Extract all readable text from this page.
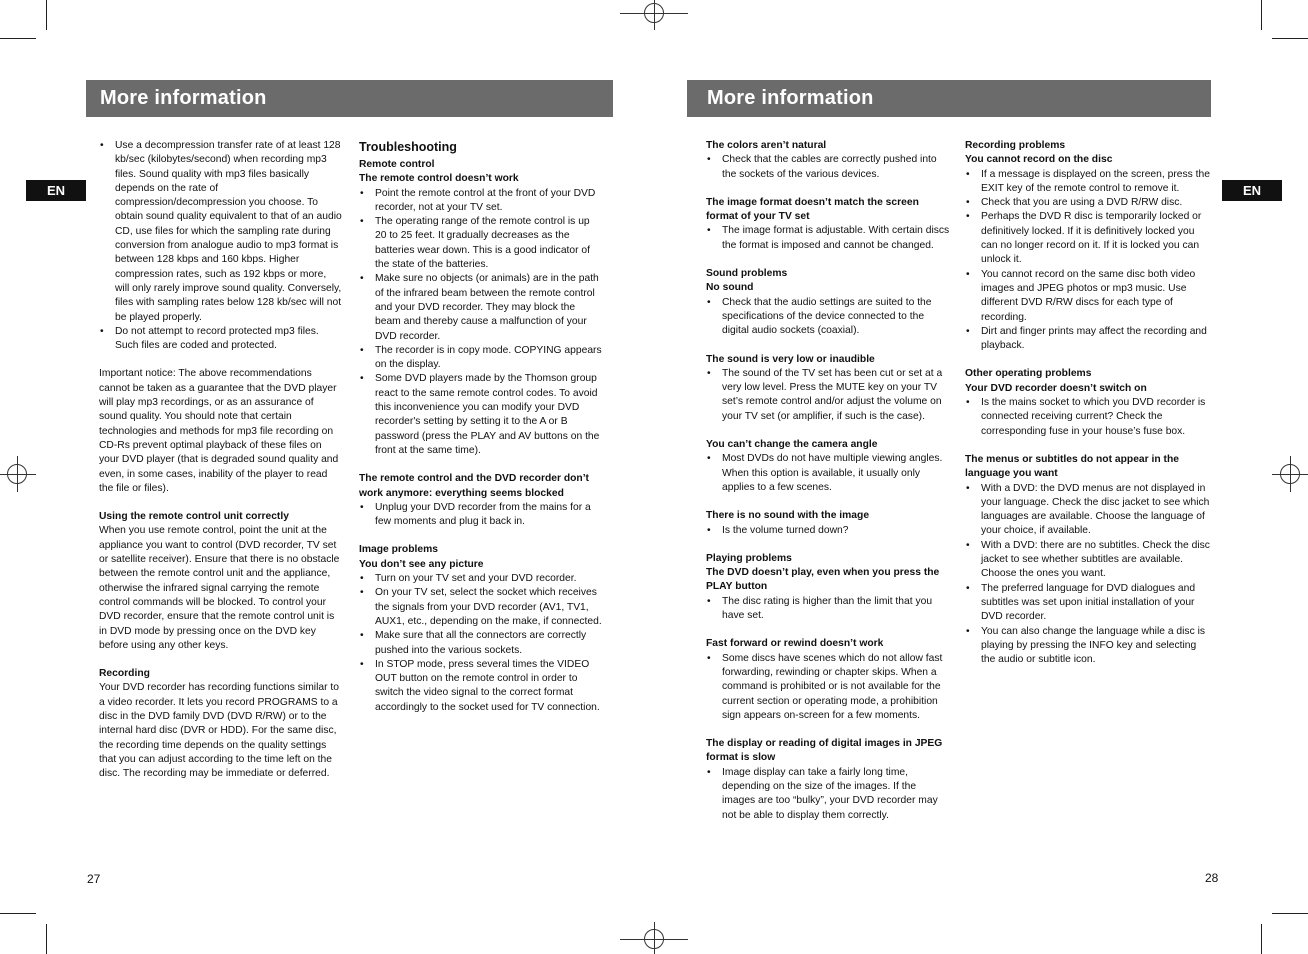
More information
EN
• Use a decompression transfer rate of at least 128 kb/sec (kilobytes/second) when recording mp3 files. Sound quality with mp3 files basically depends on the rate of compression/decompression you choose. To obtain sound quality equivalent to that of an audio CD, use files for which the sampling rate during conversion from analogue audio to mp3 format is between 128 kbps and 160 kbps. Higher compression rates, such as 192 kbps or more, will only rarely improve sound quality. Conversely, files with sampling rates below 128 kb/sec will not be played properly.
• Do not attempt to record protected mp3 files. Such files are coded and protected.

Important notice: The above recommendations cannot be taken as a guarantee that the DVD player will play mp3 recordings, or as an assurance of sound quality. You should note that certain technologies and methods for mp3 file recording on CD-Rs prevent optimal playback of these files on your DVD player (that is degraded sound quality and even, in some cases, inability of the player to read the file or files).

Using the remote control unit correctly

When you use remote control, point the unit at the appliance you want to control (DVD recorder, TV set or satellite receiver). Ensure that there is no obstacle between the remote control unit and the appliance, otherwise the infrared signal carrying the remote control commands will be blocked. To control your DVD recorder, ensure that the remote control unit is in DVD mode by pressing once on the DVD key before using any other keys.

Recording

Your DVD recorder has recording functions similar to a video recorder. It lets you record PROGRAMS to a disc in the DVD family DVD (DVD R/RW) or to the internal hard disc (DVR or HDD). For the same disc, the recording time depends on the quality settings that you can adjust according to the time left on the disc. The recording may be immediate or deferred.

Troubleshooting

Remote control

The remote control doesn’t work

• Point the remote control at the front of your DVD recorder, not at your TV set.
• The operating range of the remote control is up 20 to 25 feet. It gradually decreases as the batteries wear down. This is a good indicator of the state of the batteries.
• Make sure no objects (or animals) are in the path of the infrared beam between the remote control and your DVD recorder. They may block the beam and thereby cause a malfunction of your DVD recorder.
• The recorder is in copy mode. COPYING appears on the display.
• Some DVD players made by the Thomson group react to the same remote control codes. To avoid this inconvenience you can modify your DVD recorder's setting by setting it to the A or B password (press the PLAY and AV buttons on the front at the same time).

The remote control and the DVD recorder don’t work anymore: everything seems blocked

• Unplug your DVD recorder from the mains for a few moments and plug it back in.

Image problems

You don’t see any picture

• Turn on your TV set and your DVD recorder.
• On your TV set, select the socket which receives the signals from your DVD recorder (AV1, TV1, AUX1, etc., depending on the make, if connected.
• Make sure that all the connectors are correctly pushed into the various sockets.
• In STOP mode, press several times the VIDEO OUT button on the remote control in order to switch the video signal to the correct format accordingly to the socket used for TV connection.
27
More information
EN

The colors aren’t natural

• Check that the cables are correctly pushed into the sockets of the various devices.

The image format doesn’t match the screen format of your TV set

• The image format is adjustable. With certain discs the format is imposed and cannot be changed.

Sound problems

No sound

• Check that the audio settings are suited to the specifications of the device connected to the digital audio sockets (coaxial).

The sound is very low or inaudible

• The sound of the TV set has been cut or set at a very low level. Press the MUTE key on your TV set’s remote control and/or adjust the volume on your TV set (or amplifier, if such is the case).

You can’t change the camera angle

• Most DVDs do not have multiple viewing angles. When this option is available, it usually only applies to a few scenes.

There is no sound with the image

• Is the volume turned down?

Playing problems

The DVD doesn’t play, even when you press the PLAY button

• The disc rating is higher than the limit that you have set.

Fast forward or rewind doesn’t work

• Some discs have scenes which do not allow fast forwarding, rewinding or chapter skips. When a command is prohibited or is not available for the current section or operating mode, a prohibition sign appears on-screen for a few moments.

The display or reading of digital images in JPEG format is slow

• Image display can take a fairly long time, depending on the size of the images. If the images are too “bulky”, your DVD recorder may not be able to display them correctly.

Recording problems

You cannot record on the disc

• If a message is displayed on the screen, press the EXIT key of the remote control to remove it.
• Check that you are using a DVD R/RW disc.
• Perhaps the DVD R disc is temporarily locked or definitively locked. If it is definitively locked you can no longer record on it. If it is locked you can unlock it.
• You cannot record on the same disc both video images and JPEG photos or mp3 music. Use different DVD R/RW discs for each type of recording.
• Dirt and finger prints may affect the recording and playback.

Other operating problems

Your DVD recorder doesn’t switch on

• Is the mains socket to which you DVD recorder is connected receiving current? Check the corresponding fuse in your house’s fuse box.

The menus or subtitles do not appear in the language you want

• With a DVD: the DVD menus are not displayed in your language. Check the disc jacket to see which languages are available. Choose the language of your choice, if available.
• With a DVD: there are no subtitles. Check the disc jacket to see whether subtitles are available. Choose the ones you want.
• The preferred language for DVD dialogues and subtitles was set upon initial installation of your DVD recorder.
• You can also change the language while a disc is playing by pressing the INFO key and selecting the audio or subtitle icon.
28
